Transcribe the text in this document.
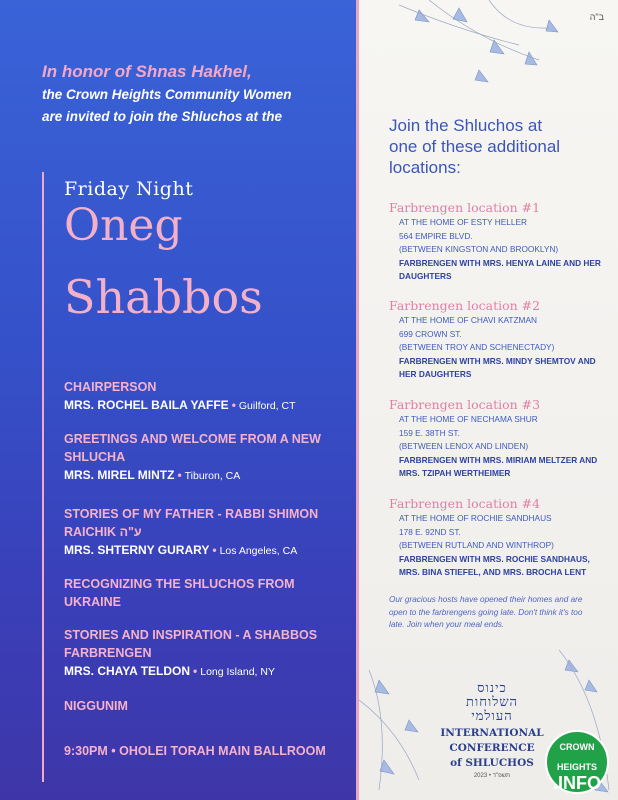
In honor of Shnas Hakhel,
the Crown Heights Community Women
are invited to join the Shluchos at the
Friday Night
Oneg
Shabbos
CHAIRPERSON
MRS. ROCHEL BAILA YAFFE • Guilford, CT
GREETINGS AND WELCOME FROM A NEW
SHLUCHA
MRS. MIREL MINTZ • Tiburon, CA
STORIES OF MY FATHER - RABBI SHIMON
RAICHIK ע"ה
MRS. SHTERNY GURARY • Los Angeles, CA
RECOGNIZING THE SHLUCHOS FROM
UKRAINE
STORIES AND INSPIRATION - A SHABBOS
FARBRENGEN
MRS. CHAYA TELDON • Long Island, NY
NIGGUNIM
9:30PM • OHOLEI TORAH MAIN BALLROOM
ב"ה
Join the Shluchos at
one of these additional
locations:
Farbrengen location #1
AT THE HOME OF ESTY HELLER
564 EMPIRE BLVD.
(BETWEEN KINGSTON AND BROOKLYN)
FARBRENGEN WITH MRS. HENYA LAINE AND HER
DAUGHTERS
Farbrengen location #2
AT THE HOME OF CHAVI KATZMAN
699 CROWN ST.
(BETWEEN TROY AND SCHENECTADY)
FARBRENGEN WITH MRS. MINDY SHEMTOV AND
HER DAUGHTERS
Farbrengen location #3
AT THE HOME OF NECHAMA SHUR
159 E. 38TH ST.
(BETWEEN LENOX AND LINDEN)
FARBRENGEN WITH MRS. MIRIAM MELTZER AND
MRS. TZIPAH WERTHEIMER
Farbrengen location #4
AT THE HOME OF ROCHIE SANDHAUS
178 E. 92ND ST.
(BETWEEN RUTLAND AND WINTHROP)
FARBRENGEN WITH MRS. ROCHIE SANDHAUS,
MRS. BINA STIEFEL, AND MRS. BROCHA LENT
Our gracious hosts have opened their homes and are open to the farbrengens going late. Don't think it's too late. Join when your meal ends.
כינוס
השלוחות
העולמי
INTERNATIONAL
CONFERENCE
of SHLUCHOS
2023 • תשפ"ד
CROWN
HEIGHTS
.INFO
